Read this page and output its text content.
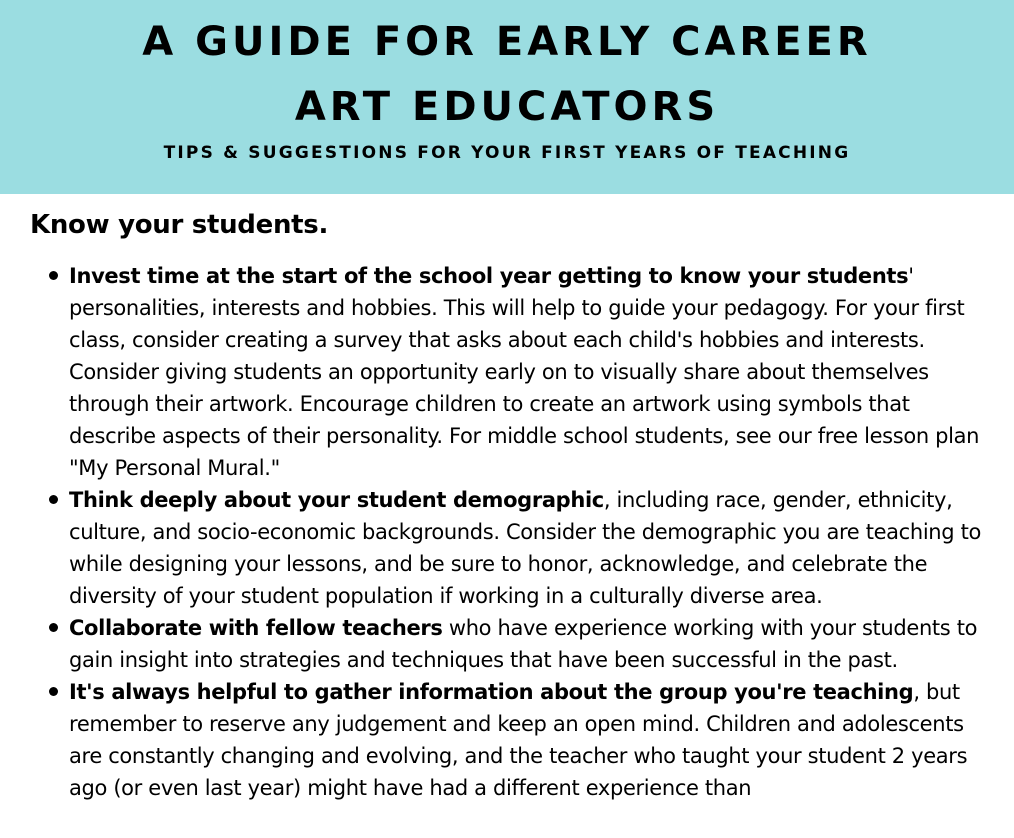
A GUIDE FOR EARLY CAREER
ART EDUCATORS
TIPS & SUGGESTIONS FOR YOUR FIRST YEARS OF TEACHING
Know your students.
Invest time at the start of the school year getting to know your students' personalities, interests and hobbies. This will help to guide your pedagogy. For your first class, consider creating a survey that asks about each child's hobbies and interests. Consider giving students an opportunity early on to visually share about themselves through their artwork. Encourage children to create an artwork using symbols that describe aspects of their personality. For middle school students, see our free lesson plan "My Personal Mural."
Think deeply about your student demographic, including race, gender, ethnicity, culture, and socio-economic backgrounds. Consider the demographic you are teaching to while designing your lessons, and be sure to honor, acknowledge, and celebrate the diversity of your student population if working in a culturally diverse area.
Collaborate with fellow teachers who have experience working with your students to gain insight into strategies and techniques that have been successful in the past.
It's always helpful to gather information about the group you're teaching, but remember to reserve any judgement and keep an open mind. Children and adolescents are constantly changing and evolving, and the teacher who taught your student 2 years ago (or even last year) might have had a different experience than
